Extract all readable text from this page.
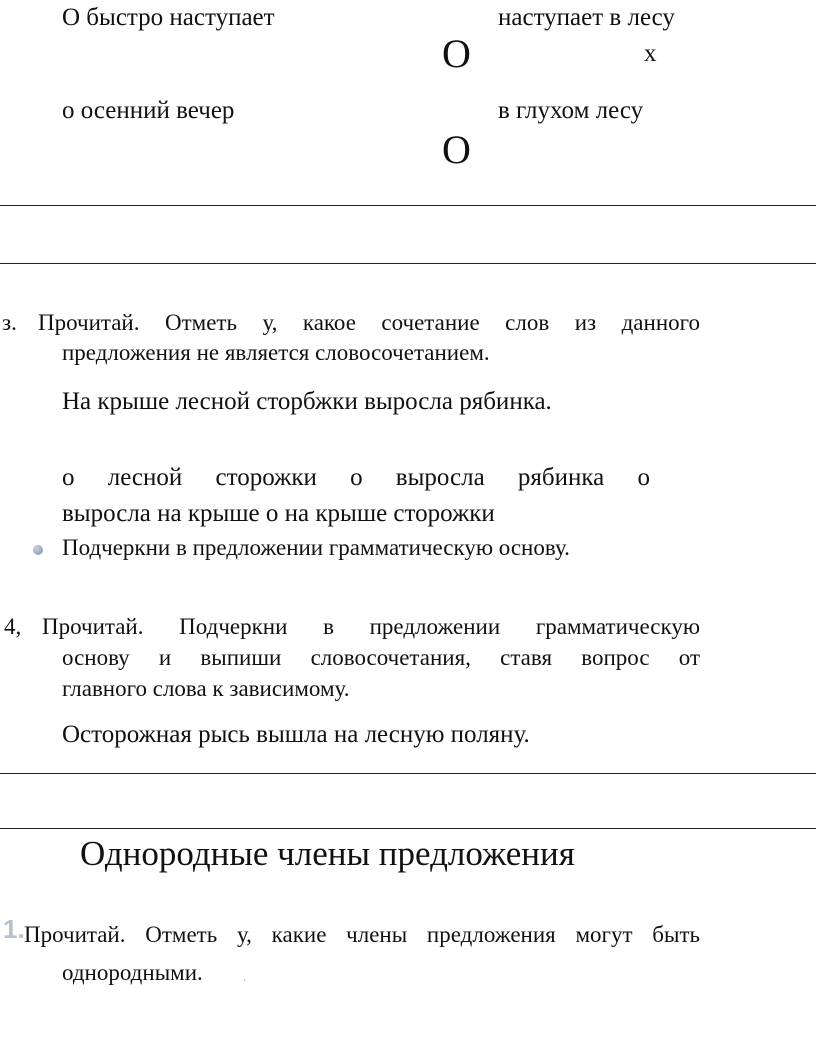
О быстро наступает	наступает в лесу
О	х
о осенний вечер	в глухом лесу
О
з. Прочитай. Отметь у, какое сочетание слов из данного
предложения не является словосочетанием.
На крыше лесной сторбжки выросла рябинка.
о лесной сторожки о выросла рябинка о
выросла на крыше о на крыше сторожки
Подчеркни в предложении грамматическую основу.
4, Прочитай. Подчеркни в предложении грамматическую
основу и выпиши словосочетания, ставя вопрос от
главного слова к зависимому.
Осторожная рысь вышла на лесную поляну.
Однородные члены предложения
1. Прочитай. Отметь у, какие члены предложения могут быть
однородными.	.
